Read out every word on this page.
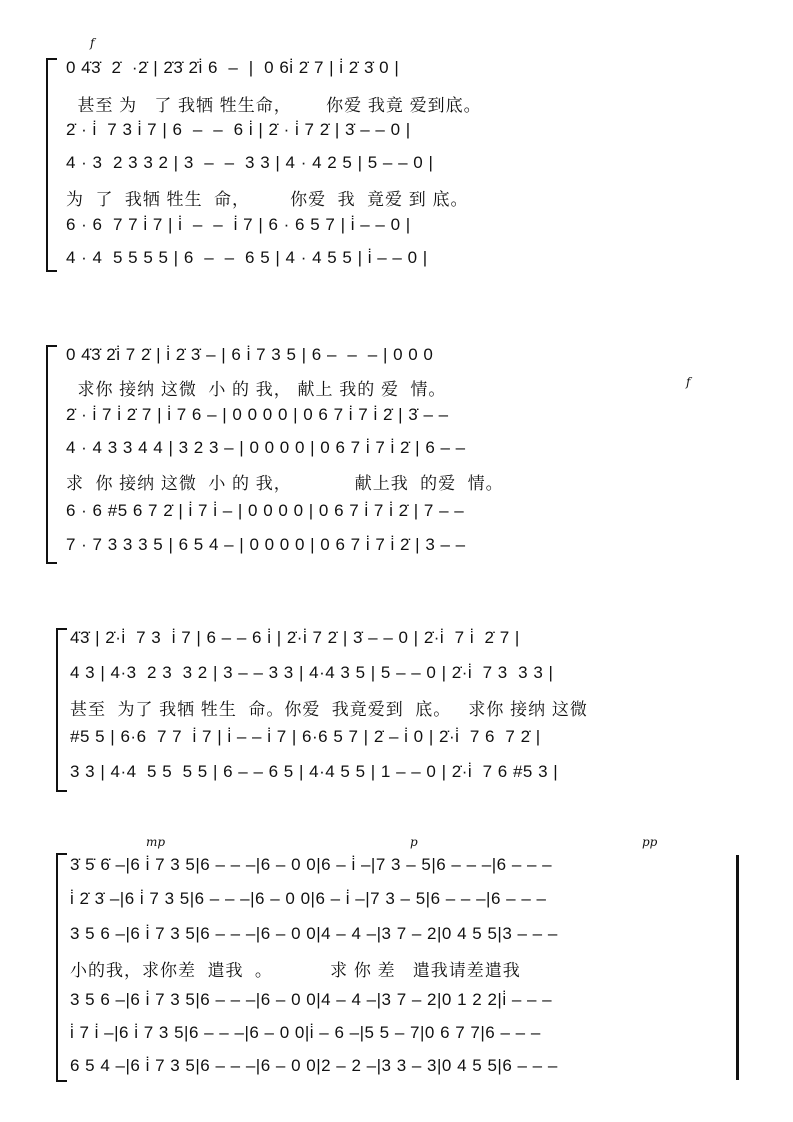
f
0 4̇3̇  2̇  ·2̇ | 2̇3̇ 2̇i̇ 6  –  |  0 6i̇ 2̇ 7 | i̇ 2̇ 3̇ 0 |
甚至 为   了 我牺 牲生命，      你爱 我竟 爱到底。
2̇ · i̇  7 3 i̇ 7 | 6  –  –  6 i̇ | 2̇ · i̇ 7 2̇ | 3̇ – – 0 |
4 · 3  2 3 3 2 | 3  –  –  3 3 | 4 · 4 2 5 | 5 – – 0 |
为  了  我牺 牲生  命，       你爱  我  竟爱 到 底。
6 · 6  7 7 i̇ 7 | i̇  –  –  i̇ 7 | 6 · 6 5 7 | i̇ – – 0 |
4 · 4  5 5 5 5 | 6  –  –  6 5 | 4 · 4 5 5 | i̇ – – 0 |
f
0 4̇3̇ 2̇i̇ 7 2̇ | i̇ 2̇ 3̇ – | 6 i̇ 7 3 5 | 6 –  –  – | 0 0 0
求你 接纳 这微  小 的 我， 献上 我的 爱  情。
2̇ · i̇ 7 i̇ 2̇ 7 | i̇ 7 6 – | 0 0 0 0 | 0 6 7 i̇ 7 i̇ 2̇ | 3̇ – –
4 · 4 3 3 4 4 | 3 2 3 – | 0 0 0 0 | 0 6 7 i̇ 7 i̇ 2̇ | 6 – –
求  你 接纳 这微  小 的 我，           献上我  的爱  情。
6 · 6 #5 6 7 2̇ | i̇ 7 i̇ – | 0 0 0 0 | 0 6 7 i̇ 7 i̇ 2̇ | 7 – –
7 · 7 3 3 3 5 | 6 5 4 – | 0 0 0 0 | 0 6 7 i̇ 7 i̇ 2̇ | 3 – –
4̇3̇ | 2̇·i̇  7 3  i̇ 7 | 6 – – 6 i̇ | 2̇·i̇ 7 2̇ | 3̇ – – 0 | 2̇·i̇  7 i̇  2̇ 7 |
4 3 | 4·3  2 3  3 2 | 3 – – 3 3 | 4·4 3 5 | 5 – – 0 | 2̇·i̇  7 3  3 3 |
甚至  为了 我牺 牲生  命。你爱  我竟爱到  底。   求你 接纳 这微
#5 5 | 6·6  7 7  i̇ 7 | i̇ – – i̇ 7 | 6·6 5 7 | 2̇ – i̇ 0 | 2̇·i̇  7 6  7 2̇ |
3 3 | 4·4  5 5  5 5 | 6 – – 6 5 | 4·4 5 5 | 1 – – 0 | 2̇·i̇  7 6 #5 3 |
mp	p	pp
3̇ 5̇ 6̇ –|6 i̇ 7 3 5|6 – – –|6 – 0 0|6 – i̇ –|7 3 – 5|6 – – –|6 – – –
i̇ 2̇ 3̇ –|6 i̇ 7 3 5|6 – – –|6 – 0 0|6 – i̇ –|7 3 – 5|6 – – –|6 – – –
3 5 6 –|6 i̇ 7 3 5|6 – – –|6 – 0 0|4 – 4 –|3 7 – 2|0 4 5 5|3 – – –
小的我，求你差  遣我  。          求 你 差   遣我请差遣我
3 5 6 –|6 i̇ 7 3 5|6 – – –|6 – 0 0|4 – 4 –|3 7 – 2|0 1 2 2|i̇ – – –
i̇ 7 i̇ –|6 i̇ 7 3 5|6 – – –|6 – 0 0|i̇ – 6 –|5 5 – 7|0 6 7 7|6 – – –
6 5 4 –|6 i̇ 7 3 5|6 – – –|6 – 0 0|2 – 2 –|3 3 – 3|0 4 5 5|6 – – –
